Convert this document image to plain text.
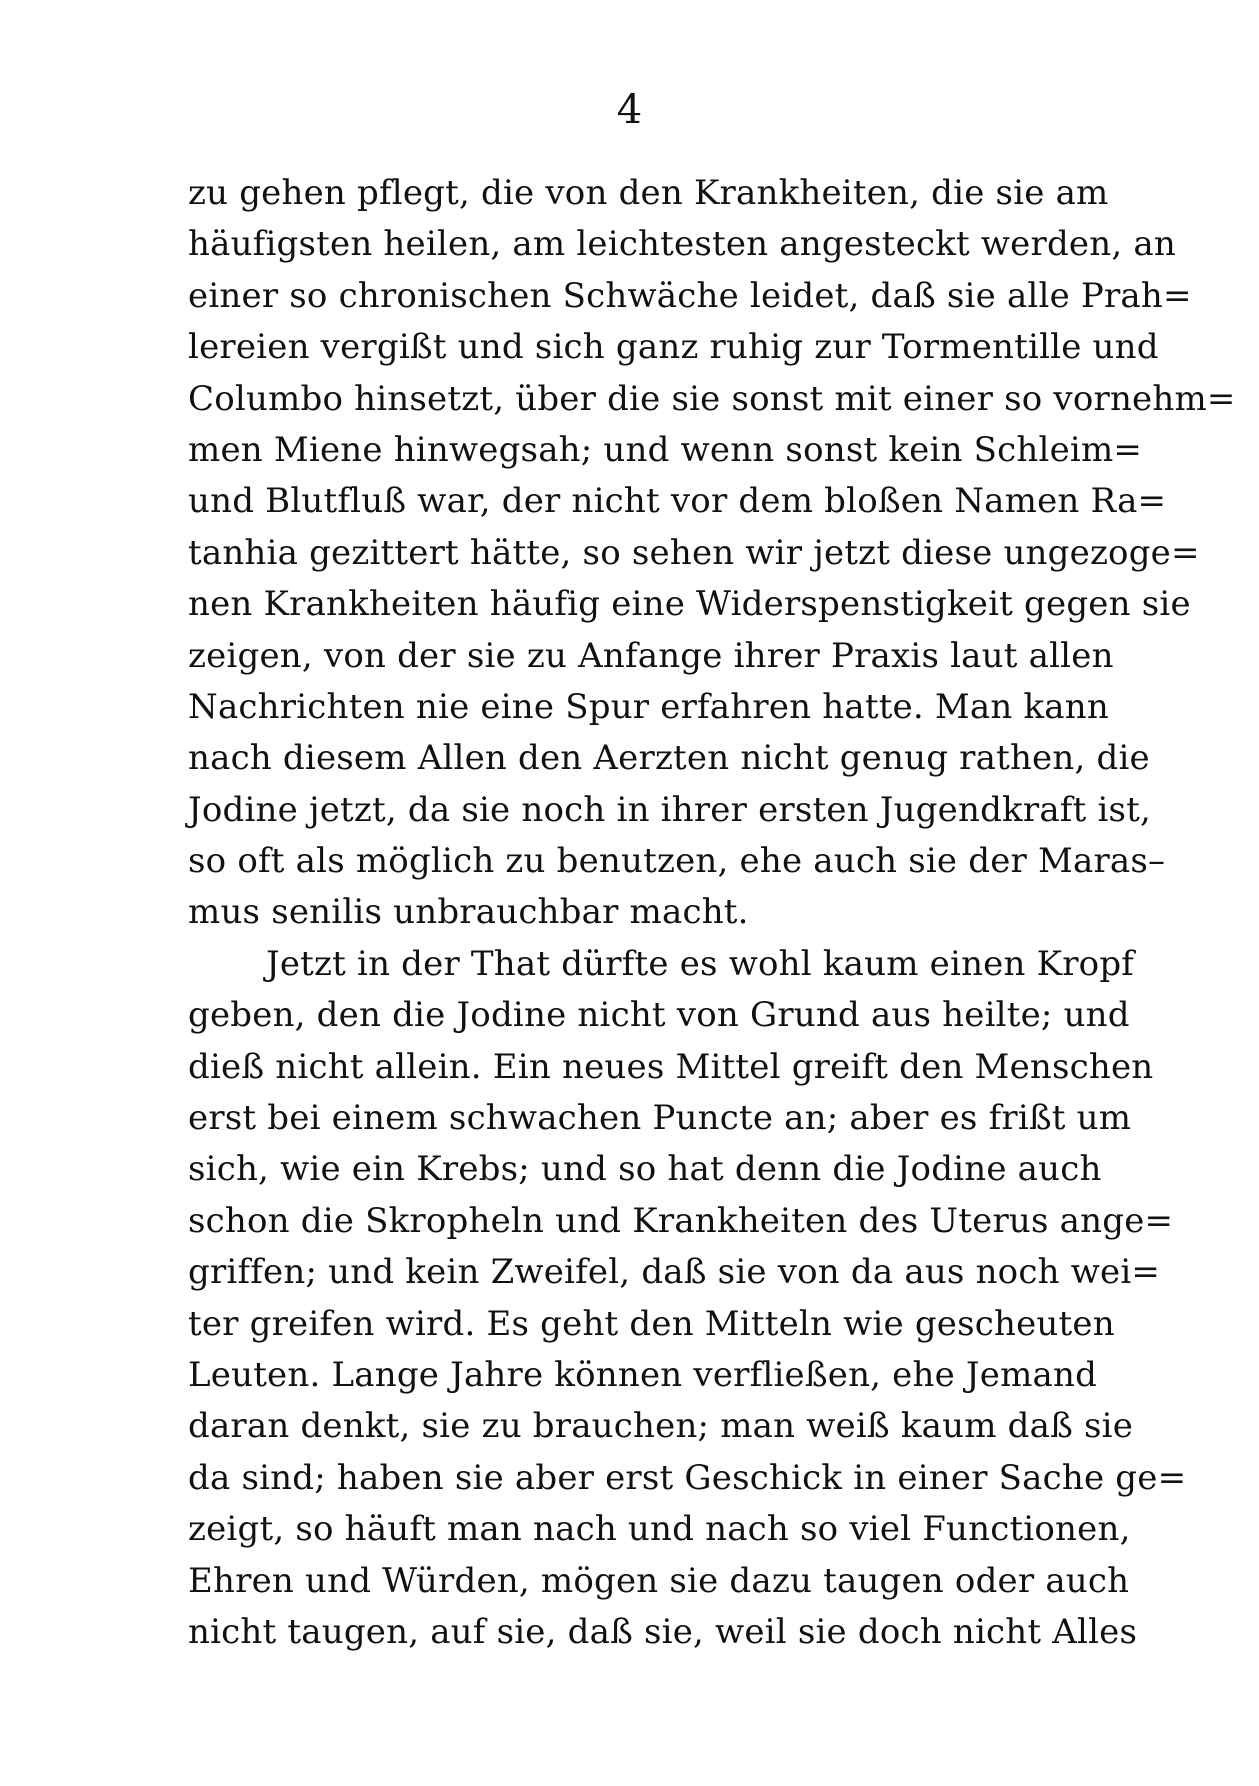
4
zu gehen pflegt, die von den Krankheiten, die sie am
häufigsten heilen, am leichtesten angesteckt werden, an
einer so chronischen Schwäche leidet, daß sie alle Prah=
lereien vergißt und sich ganz ruhig zur Tormentille und
Columbo hinsetzt, über die sie sonst mit einer so vornehm=
men Miene hinwegsah; und wenn sonst kein Schleim=
und Blutfluß war, der nicht vor dem bloßen Namen Ra=
tanhia gezittert hätte, so sehen wir jetzt diese ungezoge=
nen Krankheiten häufig eine Widerspenstigkeit gegen sie
zeigen, von der sie zu Anfange ihrer Praxis laut allen
Nachrichten nie eine Spur erfahren hatte. Man kann
nach diesem Allen den Aerzten nicht genug rathen, die
Jodine jetzt, da sie noch in ihrer ersten Jugendkraft ist,
so oft als möglich zu benutzen, ehe auch sie der Maras–
mus senilis unbrauchbar macht.
Jetzt in der That dürfte es wohl kaum einen Kropf
geben, den die Jodine nicht von Grund aus heilte; und
dieß nicht allein. Ein neues Mittel greift den Menschen
erst bei einem schwachen Puncte an; aber es frißt um
sich, wie ein Krebs; und so hat denn die Jodine auch
schon die Skropheln und Krankheiten des Uterus ange=
griffen; und kein Zweifel, daß sie von da aus noch wei=
ter greifen wird. Es geht den Mitteln wie gescheuten
Leuten. Lange Jahre können verfließen, ehe Jemand
daran denkt, sie zu brauchen; man weiß kaum daß sie
da sind; haben sie aber erst Geschick in einer Sache ge=
zeigt, so häuft man nach und nach so viel Functionen,
Ehren und Würden, mögen sie dazu taugen oder auch
nicht taugen, auf sie, daß sie, weil sie doch nicht Alles
